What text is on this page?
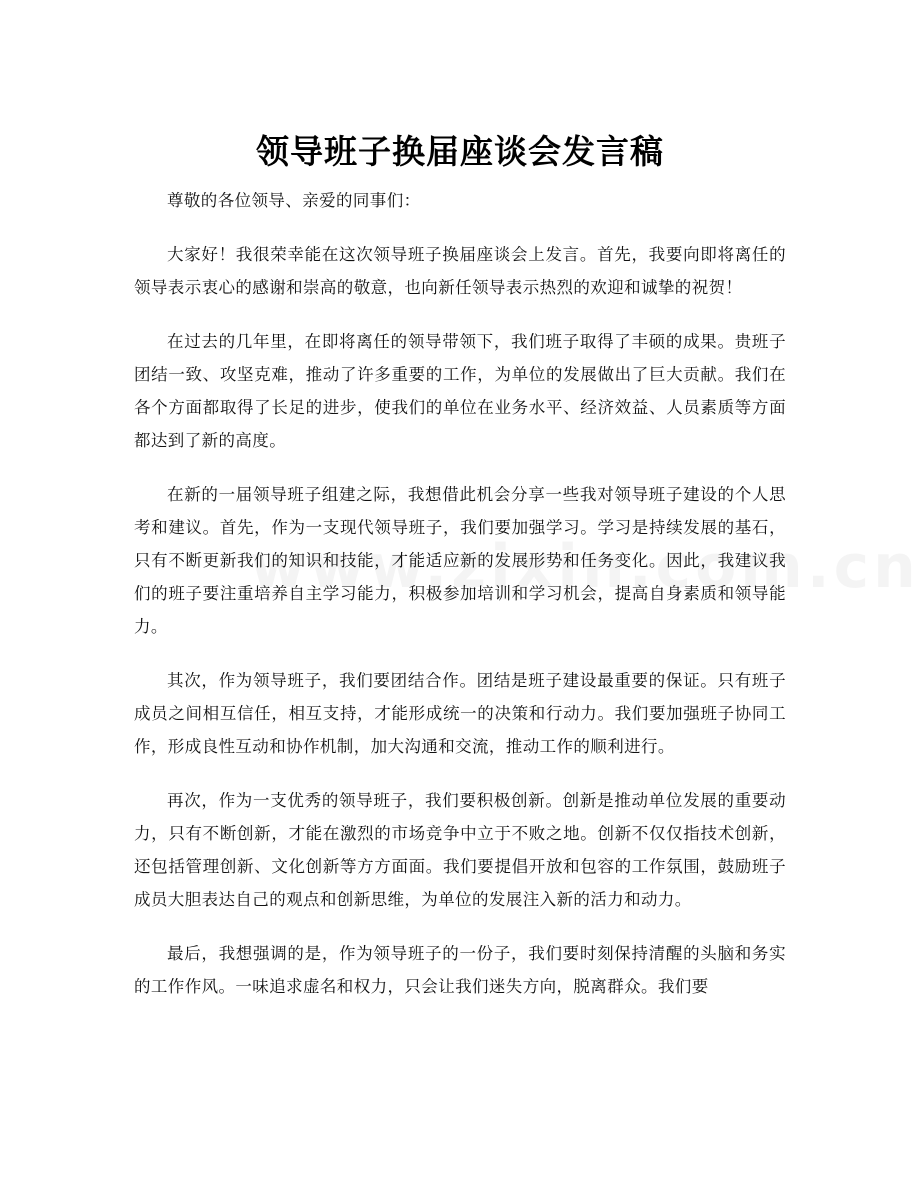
领导班子换届座谈会发言稿

尊敬的各位领导、亲爱的同事们：

大家好！我很荣幸能在这次领导班子换届座谈会上发言。首先，我要向即将离任的领导表示衷心的感谢和崇高的敬意，也向新任领导表示热烈的欢迎和诚挚的祝贺！

在过去的几年里，在即将离任的领导带领下，我们班子取得了丰硕的成果。贵班子团结一致、攻坚克难，推动了许多重要的工作，为单位的发展做出了巨大贡献。我们在各个方面都取得了长足的进步，使我们的单位在业务水平、经济效益、人员素质等方面都达到了新的高度。

在新的一届领导班子组建之际，我想借此机会分享一些我对领导班子建设的个人思考和建议。首先，作为一支现代领导班子，我们要加强学习。学习是持续发展的基石，只有不断更新我们的知识和技能，才能适应新的发展形势和任务变化。因此，我建议我们的班子要注重培养自主学习能力，积极参加培训和学习机会，提高自身素质和领导能力。

其次，作为领导班子，我们要团结合作。团结是班子建设最重要的保证。只有班子成员之间相互信任，相互支持，才能形成统一的决策和行动力。我们要加强班子协同工作，形成良性互动和协作机制，加大沟通和交流，推动工作的顺利进行。

再次，作为一支优秀的领导班子，我们要积极创新。创新是推动单位发展的重要动力，只有不断创新，才能在激烈的市场竞争中立于不败之地。创新不仅仅指技术创新，还包括管理创新、文化创新等方方面面。我们要提倡开放和包容的工作氛围，鼓励班子成员大胆表达自己的观点和创新思维，为单位的发展注入新的活力和动力。

最后，我想强调的是，作为领导班子的一份子，我们要时刻保持清醒的头脑和务实的工作作风。一味追求虚名和权力，只会让我们迷失方向，脱离群众。我们要
